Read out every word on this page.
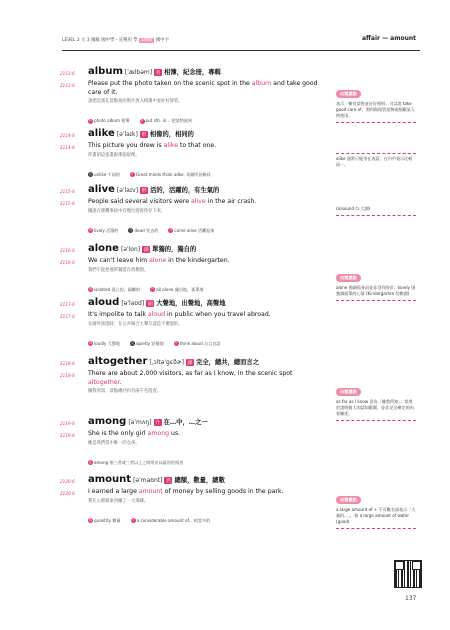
LEVEL 2 大 3 國級 國中學・宣傳用 學 1000 國中字	affair — amount
2113-6 album [ˈælbəm] 名 相簿，紀念冊，專輯
2113-6 Please put the photo taken on the scenic spot in the album and take good care of it.
請把這張在景點拍的照片放入相簿中並好好保管。
片 photo album 相簿	片 put sth. in... 把某物放到
2114-6 alike [əˈlaɪk] 形 相像的，相同的
2114-6 This picture you drew is alike to that one.
你畫的這張畫跟那張很像。
反 unlike 不同的	片 Great minds think alike. 英雄所見略同
2115-6 alive [əˈlaɪv] 形 活的，活躍的，有生氣的
2115-6 People said several visitors were alive in the air crash.
據說在墜機事故中有幾位遊客倖存下來。
同 lively 活潑的	反 dead 死去的	片 come alive 活躍起來
2116-6 alone [əˈlon] 副 單獨的，獨自的
2116-6 We can't leave him alone in the kindergarten.
我們不能把他單獨留在幼稚園。
同 isolated 孤立的，隔離的	片 all alone 獨自地，孤單地
2117-6 aloud [əˈlaʊd] 副 大聲地，出聲地，高聲地
2117-6 It's impolite to talk aloud in public when you travel abroad.
在國外旅遊時，在公共場合大聲交談是不禮貌的。
同 loudly 大聲地	反 quietly 安靜地	片 think aloud 自言自語
2118-6 altogether [ˌɔltəˈgɛðɚ] 副 完全，總共，總而言之
2118-6 There are about 2,000 visitors, as far as I know, in the scenic spot altogether.
據我所知，景點總共約有兩千名遊客。
2119-6 among [əˈmʌŋ] 介 在…中，…之一
2119-6 She is the only girl among us.
她是我們當中唯一的女孩。
注 among 指三者或三者以上之間用法以區別於兩者
2120-6 amount [əˈmaʊnt] 名 總額，數量，總數
2120-6 I earned a large amount of money by selling goods in the park.
我在公園賣東西賺了一大筆錢。
同 quantity 數量	片 a considerable amount of... 相當多的
出題重點
表示「擁有某物並好好照料」可以說 take good care of；照料與保管某物或照顧某人時使用。
alike 通常只能用在表語，在句中表示比較同一。
(a)sound (ɔ 大調)
出題重點
alone 強調孤身而並非沒有陪伴；lonely 則強調孤單的心情 (Kindergarten 幼稚園)
出題重點
as far as I know 意為「據我所知」；常用於說明個人的認知範圍，並非完全確定的內容陳述。
出題重點
a large amount of + 不可數名詞表示「大量的...」，如 a large amount of water (good)
137
